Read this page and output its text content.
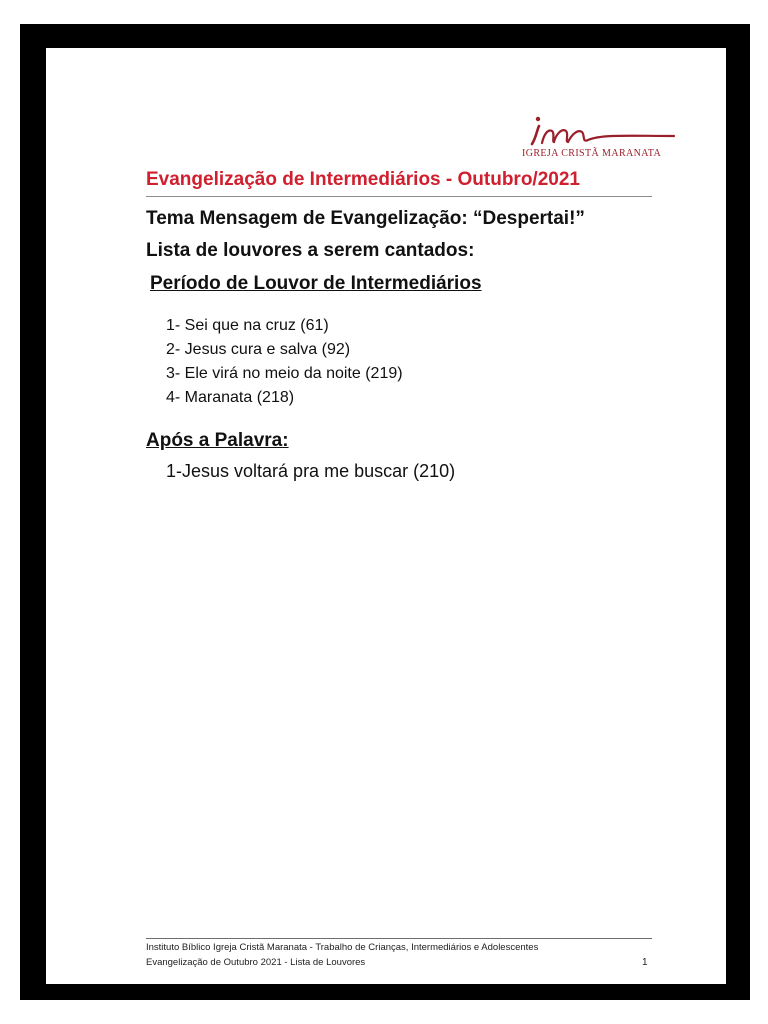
IGREJA CRISTÃ MARANATA
Evangelização de Intermediários - Outubro/2021
Tema Mensagem de Evangelização: “Despertai!”
Lista de louvores a serem cantados:
Período de Louvor de Intermediários
1- Sei que na cruz (61)
2- Jesus cura e salva (92)
3- Ele virá no meio da noite (219)
4- Maranata (218)
Após a Palavra:
1-Jesus voltará pra me buscar (210)
Instituto Bíblico Igreja Cristã Maranata - Trabalho de Crianças, Intermediários e Adolescentes
Evangelização de Outubro 2021 - Lista de Louvores	1
